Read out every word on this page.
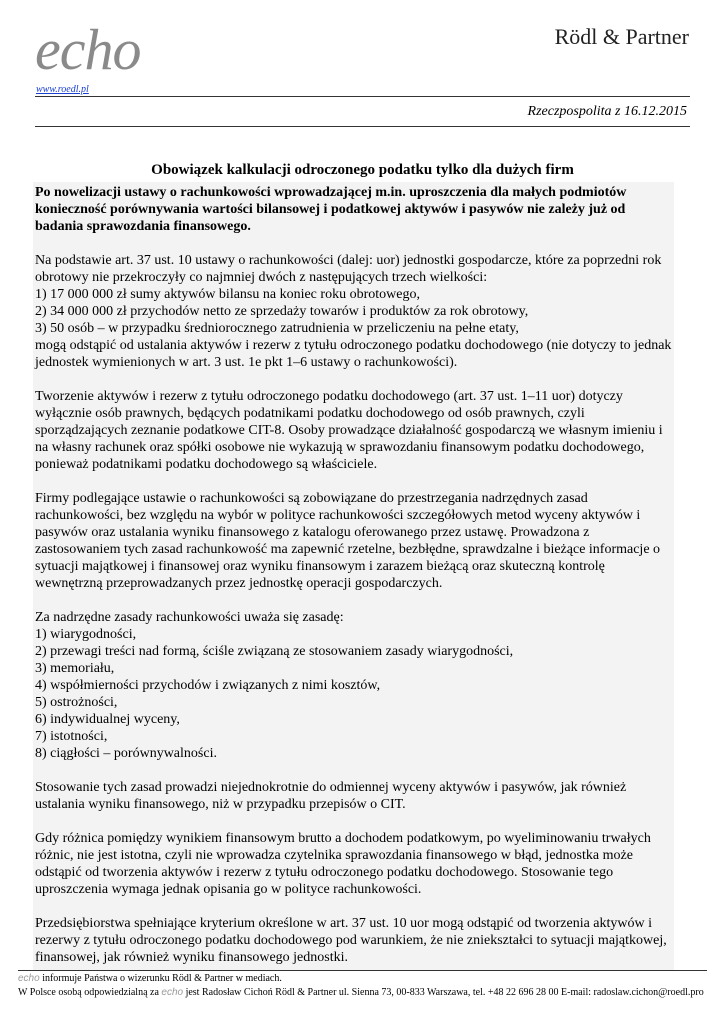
echo
www.roedl.pl
Rödl & Partner
Rzeczpospolita z 16.12.2015
Obowiązek kalkulacji odroczonego podatku tylko dla dużych firm

Po nowelizacji ustawy o rachunkowości wprowadzającej m.in. uproszczenia dla małych podmiotów konieczność porównywania wartości bilansowej i podatkowej aktywów i pasywów nie zależy już od badania sprawozdania finansowego.

Na podstawie art. 37 ust. 10 ustawy o rachunkowości (dalej: uor) jednostki gospodarcze, które za poprzedni rok obrotowy nie przekroczyły co najmniej dwóch z następujących trzech wielkości:

1) 17 000 000 zł sumy aktywów bilansu na koniec roku obrotowego,
2) 34 000 000 zł przychodów netto ze sprzedaży towarów i produktów za rok obrotowy,
3) 50 osób – w przypadku średniorocznego zatrudnienia w przeliczeniu na pełne etaty,

mogą odstąpić od ustalania aktywów i rezerw z tytułu odroczonego podatku dochodowego (nie dotyczy to jednak jednostek wymienionych w art. 3 ust. 1e pkt 1–6 ustawy o rachunkowości).

Tworzenie aktywów i rezerw z tytułu odroczonego podatku dochodowego (art. 37 ust. 1–11 uor) dotyczy wyłącznie osób prawnych, będących podatnikami podatku dochodowego od osób prawnych, czyli sporządzających zeznanie podatkowe CIT-8. Osoby prowadzące działalność gospodarczą we własnym imieniu i na własny rachunek oraz spółki osobowe nie wykazują w sprawozdaniu finansowym podatku dochodowego, ponieważ podatnikami podatku dochodowego są właściciele.

Firmy podlegające ustawie o rachunkowości są zobowiązane do przestrzegania nadrzędnych zasad rachunkowości, bez względu na wybór w polityce rachunkowości szczegółowych metod wyceny aktywów i pasywów oraz ustalania wyniku finansowego z katalogu oferowanego przez ustawę. Prowadzona z zastosowaniem tych zasad rachunkowość ma zapewnić rzetelne, bezbłędne, sprawdzalne i bieżące informacje o sytuacji majątkowej i finansowej oraz wyniku finansowym i zarazem bieżącą oraz skuteczną kontrolę wewnętrzną przeprowadzanych przez jednostkę operacji gospodarczych.

Za nadrzędne zasady rachunkowości uważa się zasadę:

1) wiarygodności,
2) przewagi treści nad formą, ściśle związaną ze stosowaniem zasady wiarygodności,
3) memoriału,
4) współmierności przychodów i związanych z nimi kosztów,
5) ostrożności,
6) indywidualnej wyceny,
7) istotności,
8) ciągłości – porównywalności.

Stosowanie tych zasad prowadzi niejednokrotnie do odmiennej wyceny aktywów i pasywów, jak również ustalania wyniku finansowego, niż w przypadku przepisów o CIT.

Gdy różnica pomiędzy wynikiem finansowym brutto a dochodem podatkowym, po wyeliminowaniu trwałych różnic, nie jest istotna, czyli nie wprowadza czytelnika sprawozdania finansowego w błąd, jednostka może odstąpić od tworzenia aktywów i rezerw z tytułu odroczonego podatku dochodowego. Stosowanie tego uproszczenia wymaga jednak opisania go w polityce rachunkowości.

Przedsiębiorstwa spełniające kryterium określone w art. 37 ust. 10 uor mogą odstąpić od tworzenia aktywów i rezerwy z tytułu odroczonego podatku dochodowego pod warunkiem, że nie zniekształci to sytuacji majątkowej, finansowej, jak również wyniku finansowego jednostki.

echo informuje Państwa o wizerunku Rödl & Partner w mediach.
W Polsce osobą odpowiedzialną za echo jest Radosław Cichoń Rödl & Partner ul. Sienna 73, 00-833 Warszawa, tel. +48 22 696 28 00 E-mail: radoslaw.cichon@roedl.pro
